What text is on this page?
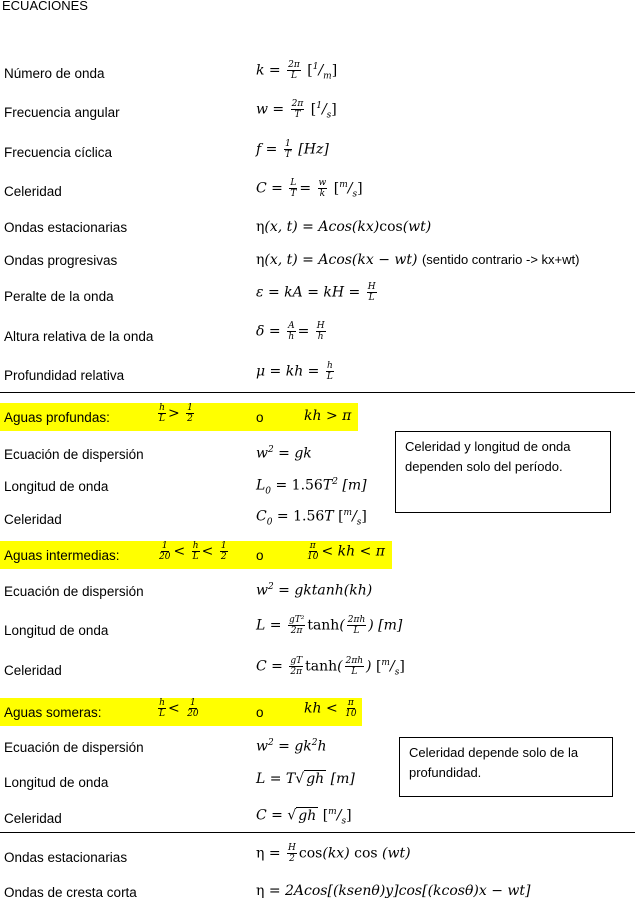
ECUACIONES
Número de onda	$k = \frac{2\pi}{L} [^1/_m]$
Frecuencia angular	$w = \frac{2\pi}{T} [^1/_s]$
Frecuencia cíclica	$f = \frac{1}{T} [Hz]$
Celeridad	$C = \frac{L}{T} = \frac{w}{k} [^m/_s]$
Ondas estacionarias	η(x, t) = Acos(kx)cos(wt)
Ondas progresivas	η(x, t) = Acos(kx − wt) (sentido contrario -> kx+wt)
Peralte de la onda	ε = kA = kH = $\frac{H}{L}$
Altura relativa de la onda	$\delta = \frac{A}{h} = \frac{H}{h}$
Profundidad relativa	μ = kh = $\frac{h}{L}$
Aguas profundas:	$\frac{h}{L} > \frac{1}{2}$	o	kh > π
Ecuación de dispersión	$w^2$ = gk
Longitud de onda	$L_0 = 1.56T^2$ [m]
Celeridad	$C_0 = 1.56T$ $[^m/_s]$
Celeridad y longitud de onda dependen solo del período.
Aguas intermedias:	$\frac{1}{20} < \frac{h}{L} < \frac{1}{2}$ o	$\frac{\pi}{10}$ < kh < π
Ecuación de dispersión	$w^2 = gktanh(kh)$
Longitud de onda	$L = \frac{\text{gT²}}{2\pi} \tanh( \frac{2\pi h}{L}$ ) [m]
Celeridad	$C = \frac{gT}{2\pi} \tanh( \frac{2\pi h}{L}$ ) $[^m/_s]$
Aguas someras:	$\frac{h}{L} < \frac{1}{20}$	o	kh < $\frac{\pi}{10}$
Ecuación de dispersión	$w^2 = gk^2h$
Longitud de onda	L = T√ gh [m]
Celeridad	C = √ gh $[^m/_s]$
Celeridad depende solo de la profundidad.
Ondas estacionarias	$\eta = \frac{H}{2} \cos(kx)$ cos (wt)
Ondas de cresta corta	η = 2Acos[(ksenθ)y]cos[(kcosθ)x − wt]
